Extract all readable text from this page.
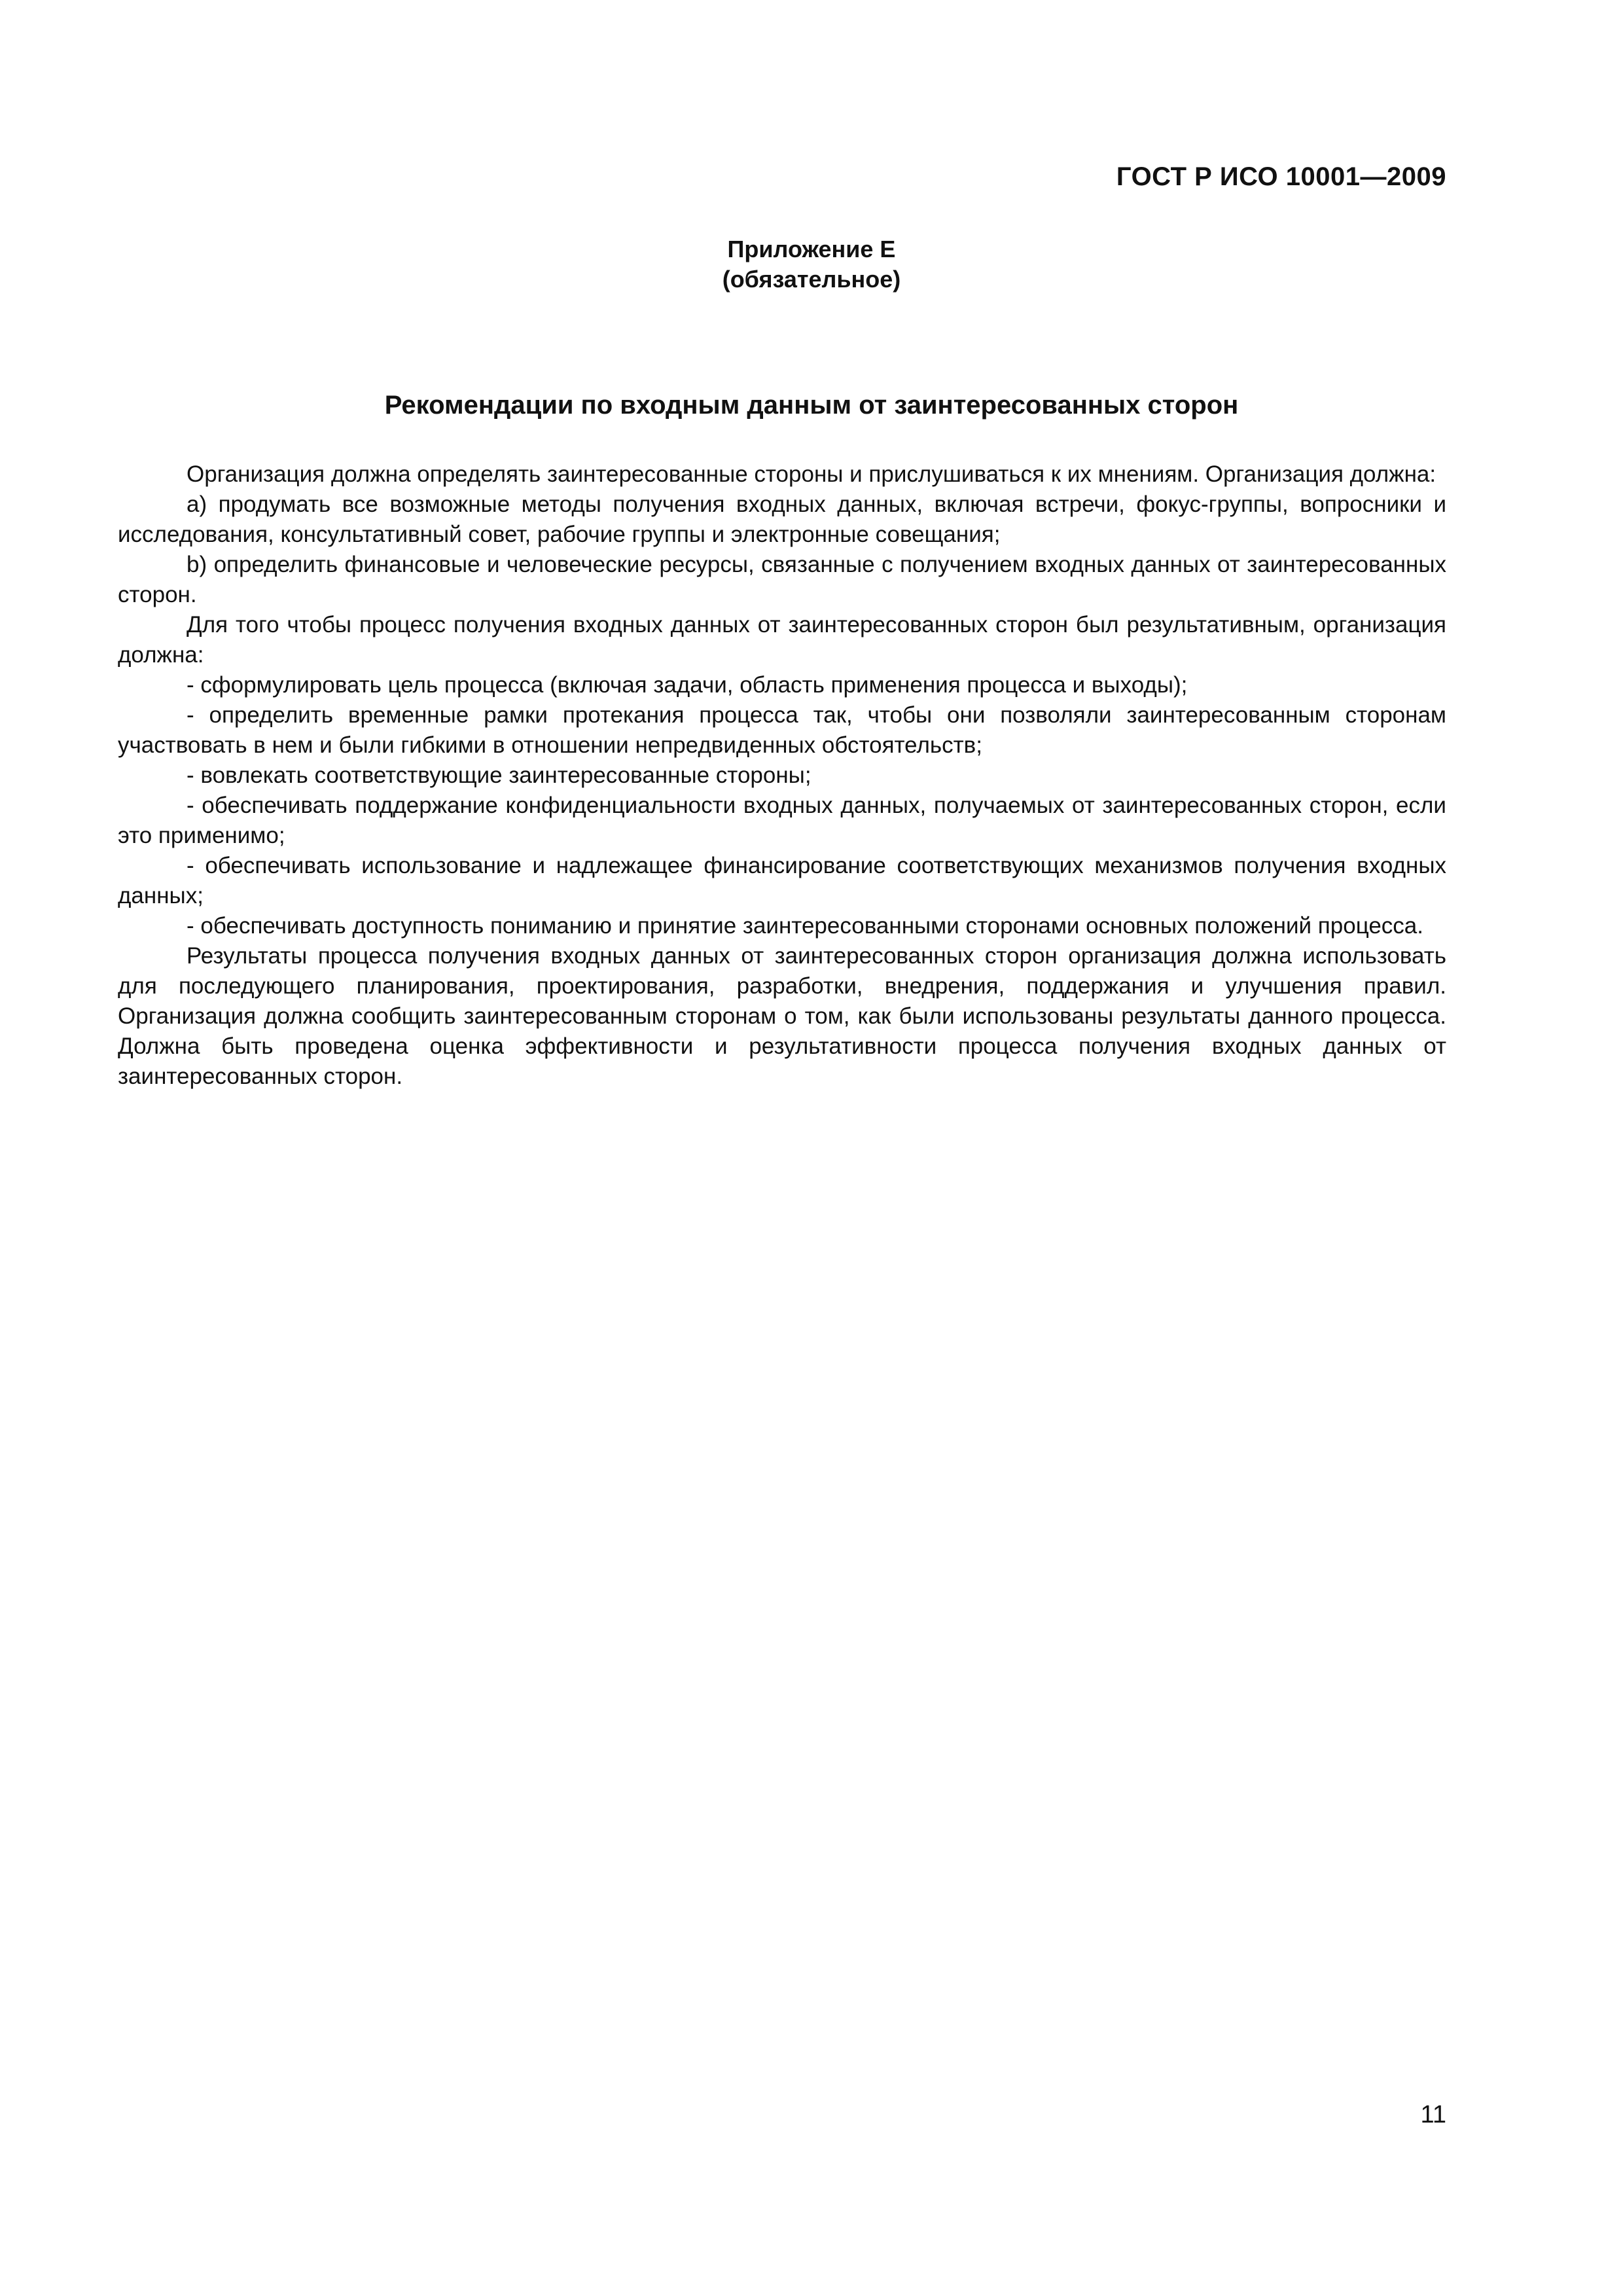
ГОСТ Р ИСО 10001—2009
Приложение Е
(обязательное)
Рекомендации по входным данным от заинтересованных сторон

Организация должна определять заинтересованные стороны и прислушиваться к их мнениям. Организация должна:

a) продумать все возможные методы получения входных данных, включая встречи, фокус-группы, вопросники и исследования, консультативный совет, рабочие группы и электронные совещания;

b) определить финансовые и человеческие ресурсы, связанные с получением входных данных от заинтересованных сторон.

Для того чтобы процесс получения входных данных от заинтересованных сторон был результативным, организация должна:

- сформулировать цель процесса (включая задачи, область применения процесса и выходы);

- определить временные рамки протекания процесса так, чтобы они позволяли заинтересованным сторонам участвовать в нем и были гибкими в отношении непредвиденных обстоятельств;

- вовлекать соответствующие заинтересованные стороны;

- обеспечивать поддержание конфиденциальности входных данных, получаемых от заинтересованных сторон, если это применимо;

- обеспечивать использование и надлежащее финансирование соответствующих механизмов получения входных данных;

- обеспечивать доступность пониманию и принятие заинтересованными сторонами основных положений процесса.

Результаты процесса получения входных данных от заинтересованных сторон организация должна использовать для последующего планирования, проектирования, разработки, внедрения, поддержания и улучшения правил. Организация должна сообщить заинтересованным сторонам о том, как были использованы результаты данного процесса. Должна быть проведена оценка эффективности и результативности процесса получения входных данных от заинтересованных сторон.

11
